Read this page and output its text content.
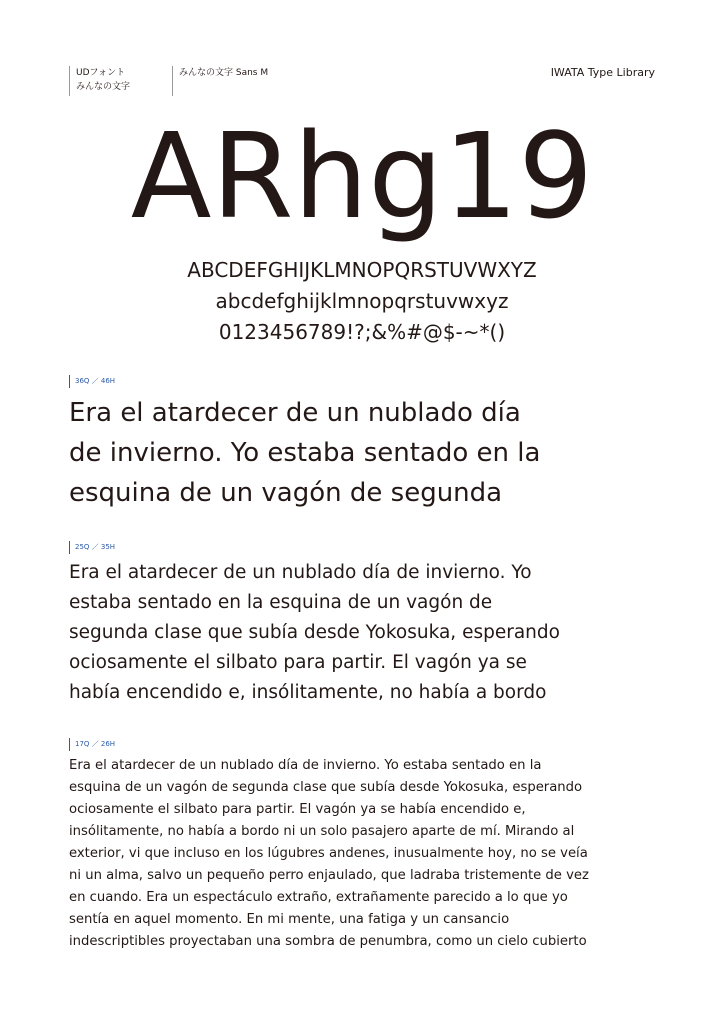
UDフォント
みんなの文字
みんなの文字 Sans M	IWATA Type Library
ARhg19
ABCDEFGHIJKLMNOPQRSTUVWXYZ
abcdefghijklmnopqrstuvwxyz
0123456789!?;&%#@$-~*()
36Q ／ 46H
Era el atardecer de un nublado día
de invierno. Yo estaba sentado en la
esquina de un vagón de segunda
25Q ／ 35H
Era el atardecer de un nublado día de invierno. Yo
estaba sentado en la esquina de un vagón de
segunda clase que subía desde Yokosuka, esperando
ociosamente el silbato para partir. El vagón ya se
había encendido e, insólitamente, no había a bordo
17Q ／ 26H
Era el atardecer de un nublado día de invierno. Yo estaba sentado en la
esquina de un vagón de segunda clase que subía desde Yokosuka, esperando
ociosamente el silbato para partir. El vagón ya se había encendido e,
insólitamente, no había a bordo ni un solo pasajero aparte de mí. Mirando al
exterior, vi que incluso en los lúgubres andenes, inusualmente hoy, no se veía
ni un alma, salvo un pequeño perro enjaulado, que ladraba tristemente de vez
en cuando. Era un espectáculo extraño, extrañamente parecido a lo que yo
sentía en aquel momento. En mi mente, una fatiga y un cansancio
indescriptibles proyectaban una sombra de penumbra, como un cielo cubierto
